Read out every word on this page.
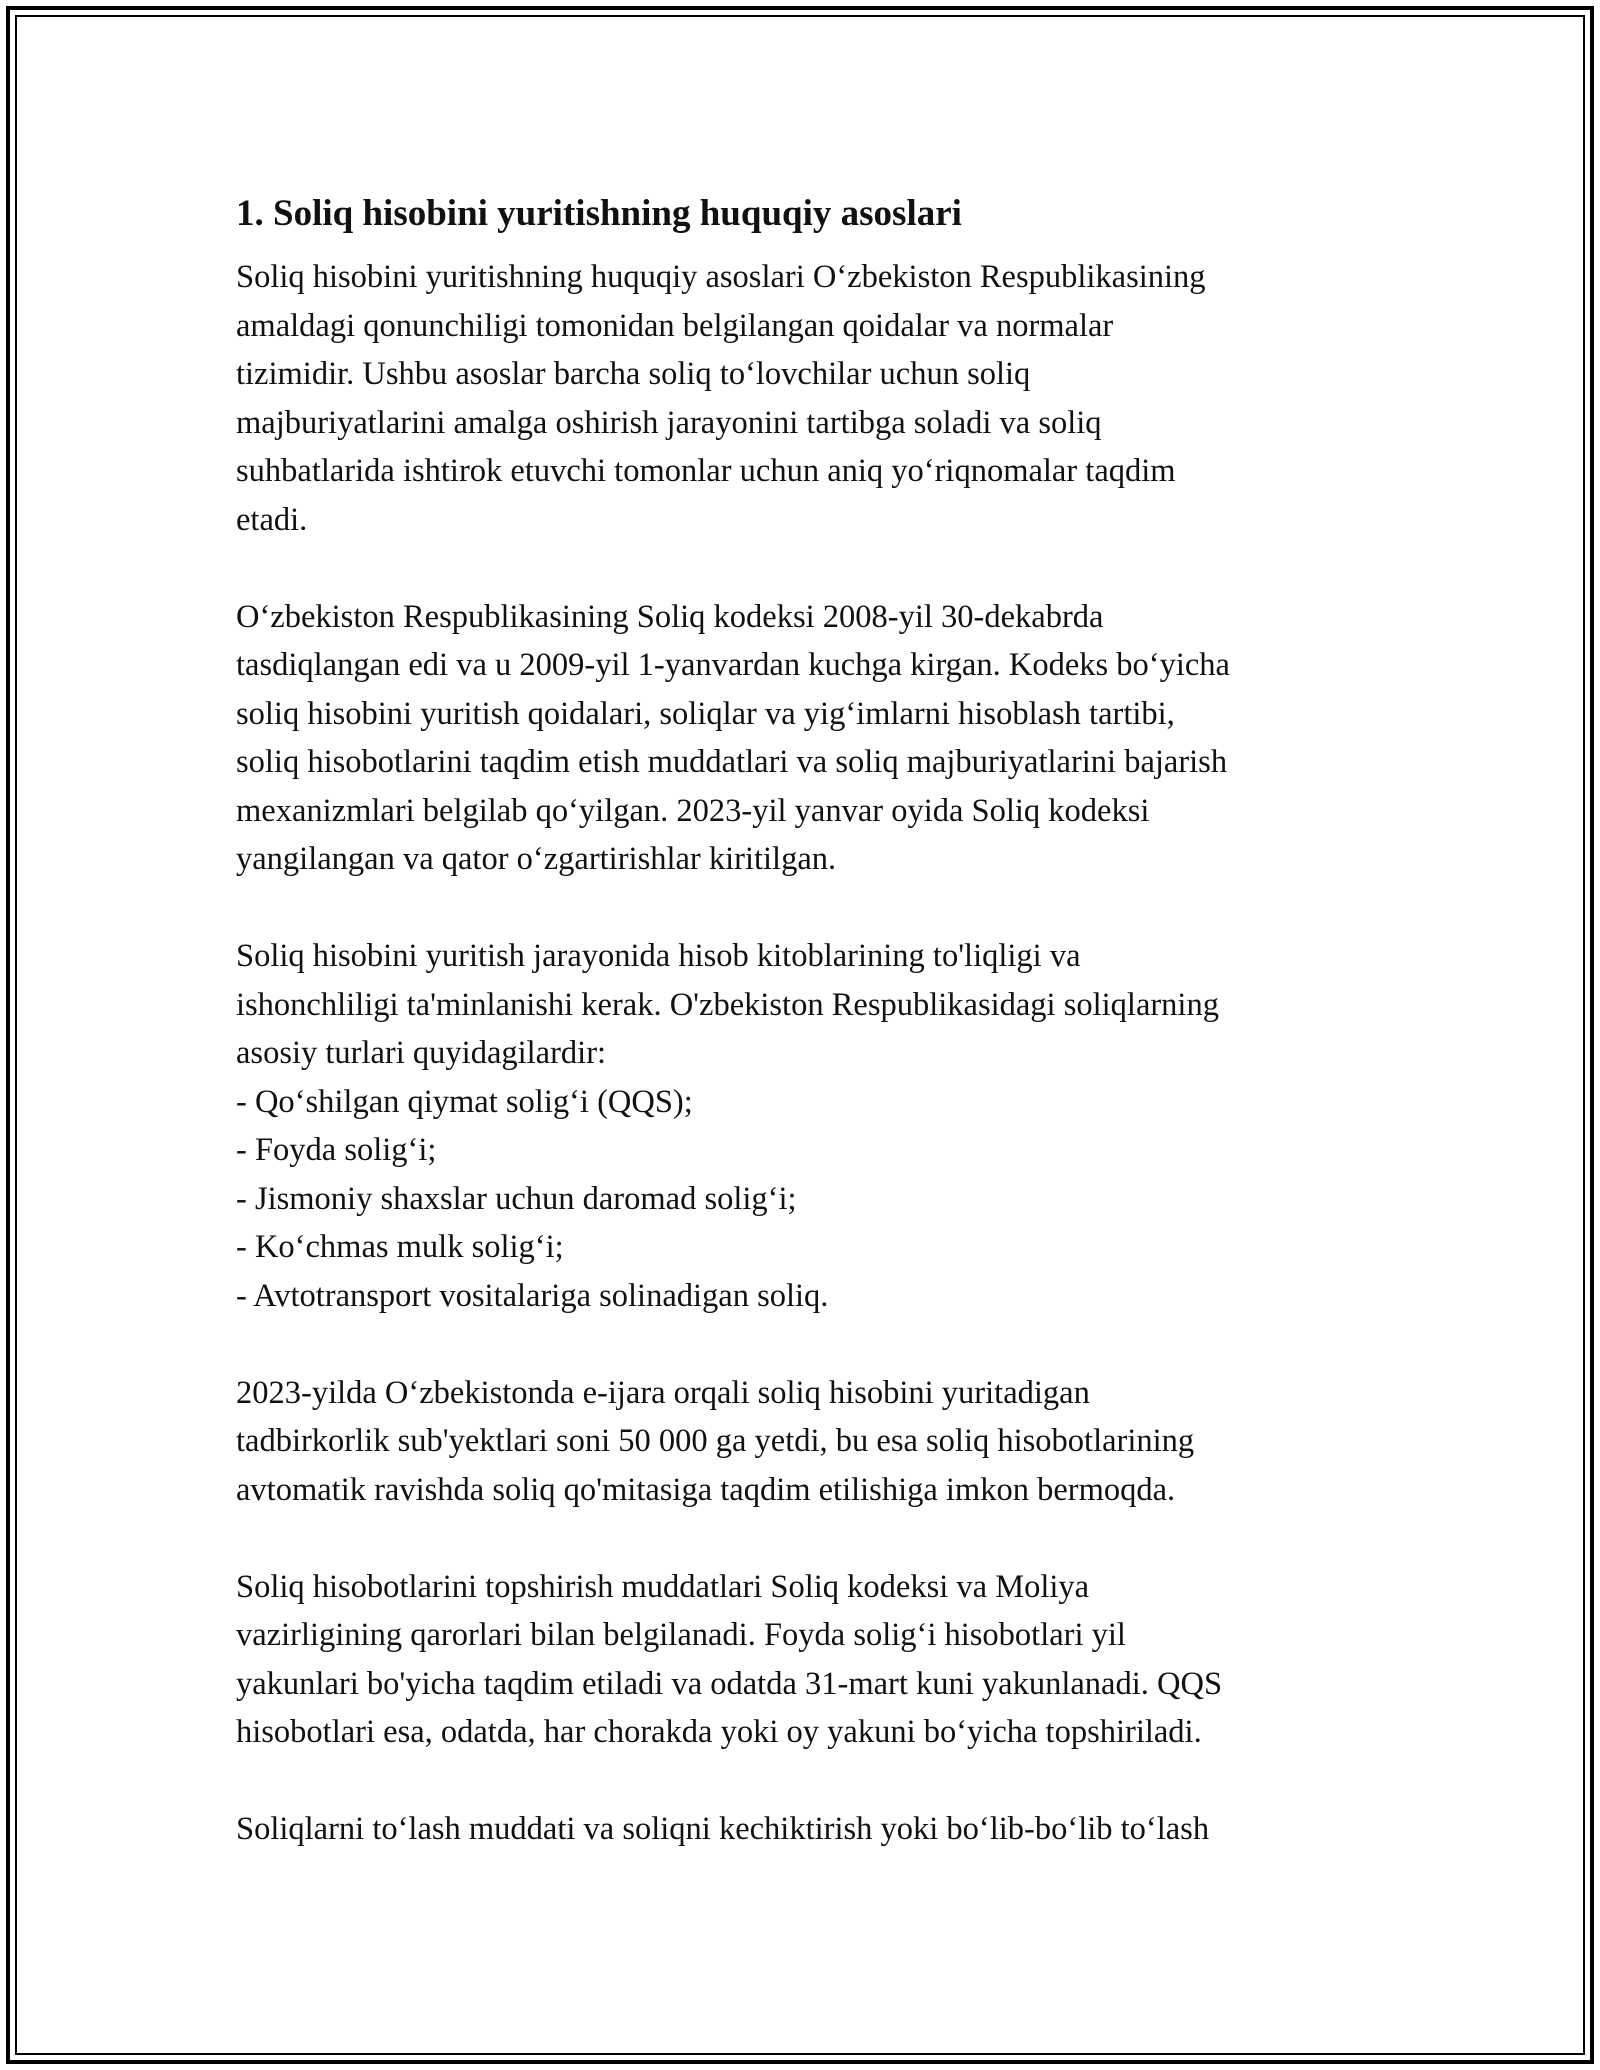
1. Soliq hisobini yuritishning huquqiy asoslari

Soliq hisobini yuritishning huquqiy asoslari O‘zbekiston Respublikasining
amaldagi qonunchiligi tomonidan belgilangan qoidalar va normalar
tizimidir. Ushbu asoslar barcha soliq to‘lovchilar uchun soliq
majburiyatlarini amalga oshirish jarayonini tartibga soladi va soliq
suhbatlarida ishtirok etuvchi tomonlar uchun aniq yo‘riqnomalar taqdim
etadi.

O‘zbekiston Respublikasining Soliq kodeksi 2008-yil 30-dekabrda
tasdiqlangan edi va u 2009-yil 1-yanvardan kuchga kirgan. Kodeks bo‘yicha
soliq hisobini yuritish qoidalari, soliqlar va yig‘imlarni hisoblash tartibi,
soliq hisobotlarini taqdim etish muddatlari va soliq majburiyatlarini bajarish
mexanizmlari belgilab qo‘yilgan. 2023-yil yanvar oyida Soliq kodeksi
yangilangan va qator o‘zgartirishlar kiritilgan.

Soliq hisobini yuritish jarayonida hisob kitoblarining to'liqligi va
ishonchliligi ta'minlanishi kerak. O'zbekiston Respublikasidagi soliqlarning
asosiy turlari quyidagilardir:
- Qo‘shilgan qiymat solig‘i (QQS);
- Foyda solig‘i;
- Jismoniy shaxslar uchun daromad solig‘i;
- Ko‘chmas mulk solig‘i;
- Avtotransport vositalariga solinadigan soliq.

2023-yilda O‘zbekistonda e-ijara orqali soliq hisobini yuritadigan
tadbirkorlik sub'yektlari soni 50 000 ga yetdi, bu esa soliq hisobotlarining
avtomatik ravishda soliq qo'mitasiga taqdim etilishiga imkon bermoqda.

Soliq hisobotlarini topshirish muddatlari Soliq kodeksi va Moliya
vazirligining qarorlari bilan belgilanadi. Foyda solig‘i hisobotlari yil
yakunlari bo'yicha taqdim etiladi va odatda 31-mart kuni yakunlanadi. QQS
hisobotlari esa, odatda, har chorakda yoki oy yakuni bo‘yicha topshiriladi.

Soliqlarni to‘lash muddati va soliqni kechiktirish yoki bo‘lib-bo‘lib to‘lash
